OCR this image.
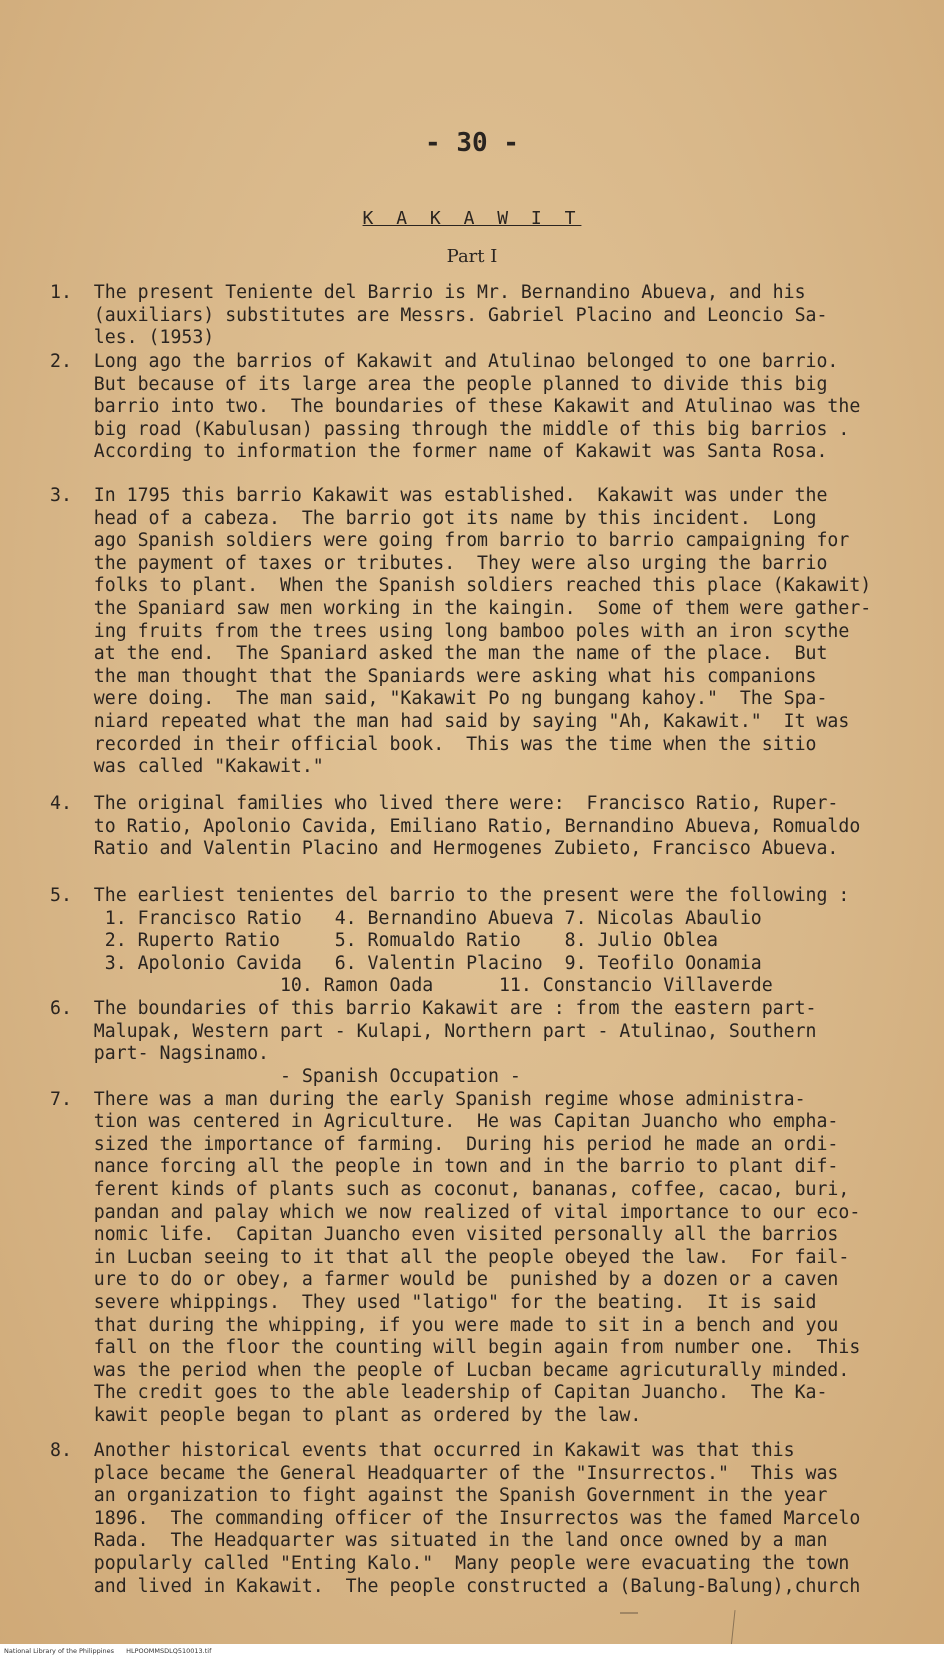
- 30 -
K A K A W I T
Part I
1.  The present Teniente del Barrio is Mr. Bernandino Abueva, and his
(auxiliars) substitutes are Messrs. Gabriel Placino and Leoncio Sa-
les. (1953)
2.  Long ago the barrios of Kakawit and Atulinao belonged to one barrio.
But because of its large area the people planned to divide this big
barrio into two.  The boundaries of these Kakawit and Atulinao was the
big road (Kabulusan) passing through the middle of this big barrios .
According to information the former name of Kakawit was Santa Rosa.
3.  In 1795 this barrio Kakawit was established.  Kakawit was under the
head of a cabeza.  The barrio got its name by this incident.  Long
ago Spanish soldiers were going from barrio to barrio campaigning for
the payment of taxes or tributes.  They were also urging the barrio
folks to plant.  When the Spanish soldiers reached this place (Kakawit)
the Spaniard saw men working in the kaingin.  Some of them were gather-
ing fruits from the trees using long bamboo poles with an iron scythe
at the end.  The Spaniard asked the man the name of the place.  But
the man thought that the Spaniards were asking what his companions
were doing.  The man said, "Kakawit Po ng bungang kahoy."  The Spa-
niard repeated what the man had said by saying "Ah, Kakawit."  It was
recorded in their official book.  This was the time when the sitio
was called "Kakawit."
4.  The original families who lived there were:  Francisco Ratio, Ruper-
to Ratio, Apolonio Cavida, Emiliano Ratio, Bernandino Abueva, Romualdo
Ratio and Valentin Placino and Hermogenes Zubieto, Francisco Abueva.
5.  The earliest tenientes del barrio to the present were the following :
1. Francisco Ratio   4. Bernandino Abueva 7. Nicolas Abaulio
2. Ruperto Ratio     5. Romualdo Ratio    8. Julio Oblea
3. Apolonio Cavida   6. Valentin Placino  9. Teofilo Oonamia
10. Ramon Oada      11. Constancio Villaverde
6.  The boundaries of this barrio Kakawit are : from the eastern part-
Malupak, Western part - Kulapi, Northern part - Atulinao, Southern
part- Nagsinamo.
- Spanish Occupation -
7.  There was a man during the early Spanish regime whose administra-
tion was centered in Agriculture.  He was Capitan Juancho who empha-
sized the importance of farming.  During his period he made an ordi-
nance forcing all the people in town and in the barrio to plant dif-
ferent kinds of plants such as coconut, bananas, coffee, cacao, buri,
pandan and palay which we now realized of vital importance to our eco-
nomic life.  Capitan Juancho even visited personally all the barrios
in Lucban seeing to it that all the people obeyed the law.  For fail-
ure to do or obey, a farmer would be  punished by a dozen or a caven
severe whippings.  They used "latigo" for the beating.  It is said
that during the whipping, if you were made to sit in a bench and you
fall on the floor the counting will begin again from number one.  This
was the period when the people of Lucban became agricuturally minded.
The credit goes to the able leadership of Capitan Juancho.  The Ka-
kawit people began to plant as ordered by the law.
8.  Another historical events that occurred in Kakawit was that this
place became the General Headquarter of the "Insurrectos."  This was
an organization to fight against the Spanish Government in the year
1896.  The commanding officer of the Insurrectos was the famed Marcelo
Rada.  The Headquarter was situated in the land once owned by a man
popularly called "Enting Kalo."  Many people were evacuating the town
and lived in Kakawit.  The people constructed a (Balung-Balung),church
National Library of the Philippines HLPOOMMSDLQ510013.tif
